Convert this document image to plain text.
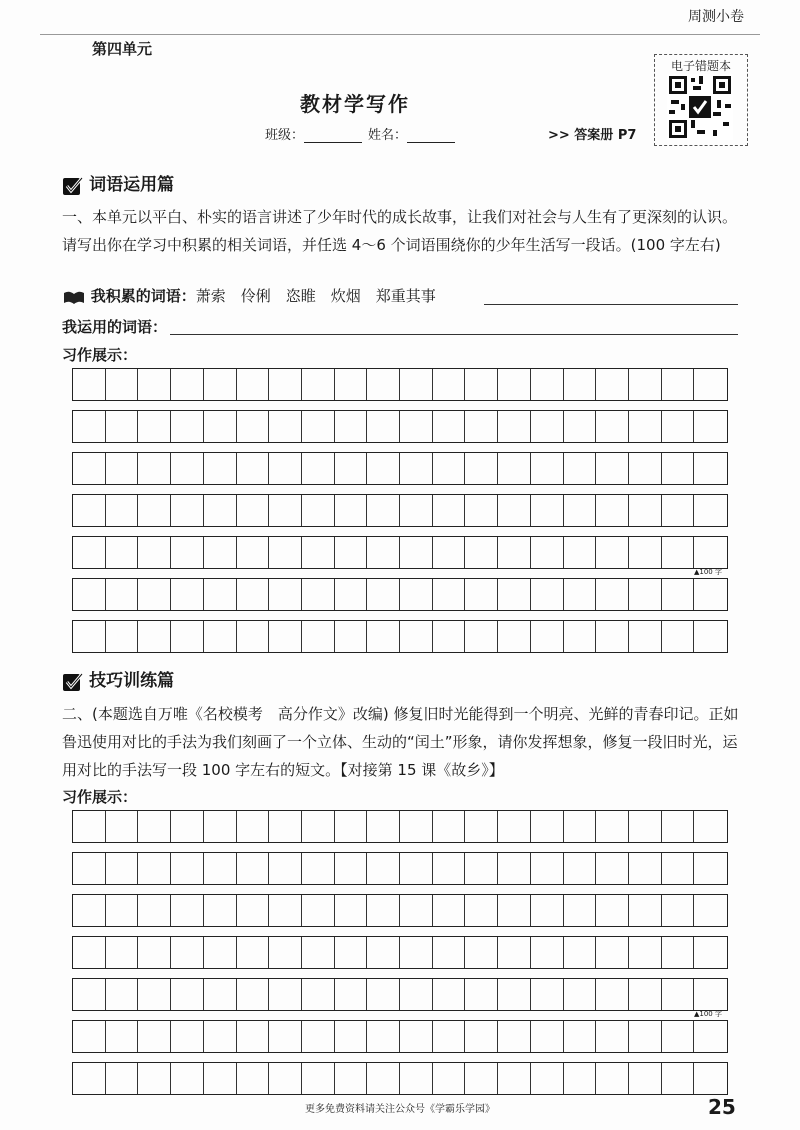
周测小卷
第四单元
教材学写作
班级：	姓名：	>> 答案册 P7
电子错题本
词语运用篇
一、本单元以平白、朴实的语言讲述了少年时代的成长故事，让我们对社会与人生有了更深刻的认识。请写出你在学习中积累的相关词语，并任选 4～6 个词语围绕你的少年生活写一段话。(100 字左右)
我积累的词语：萧索　伶俐　恣睢　炊烟　郑重其事
我运用的词语：
习作展示：
▲100 字
技巧训练篇
二、(本题选自万唯《名校模考　高分作文》改编) 修复旧时光能得到一个明亮、光鲜的青春印记。正如鲁迅使用对比的手法为我们刻画了一个立体、生动的“闰土”形象，请你发挥想象，修复一段旧时光，运用对比的手法写一段 100 字左右的短文。【对接第 15 课《故乡》】
习作展示：
▲100 字
更多免费资料请关注公众号《学霸乐学园》	25
